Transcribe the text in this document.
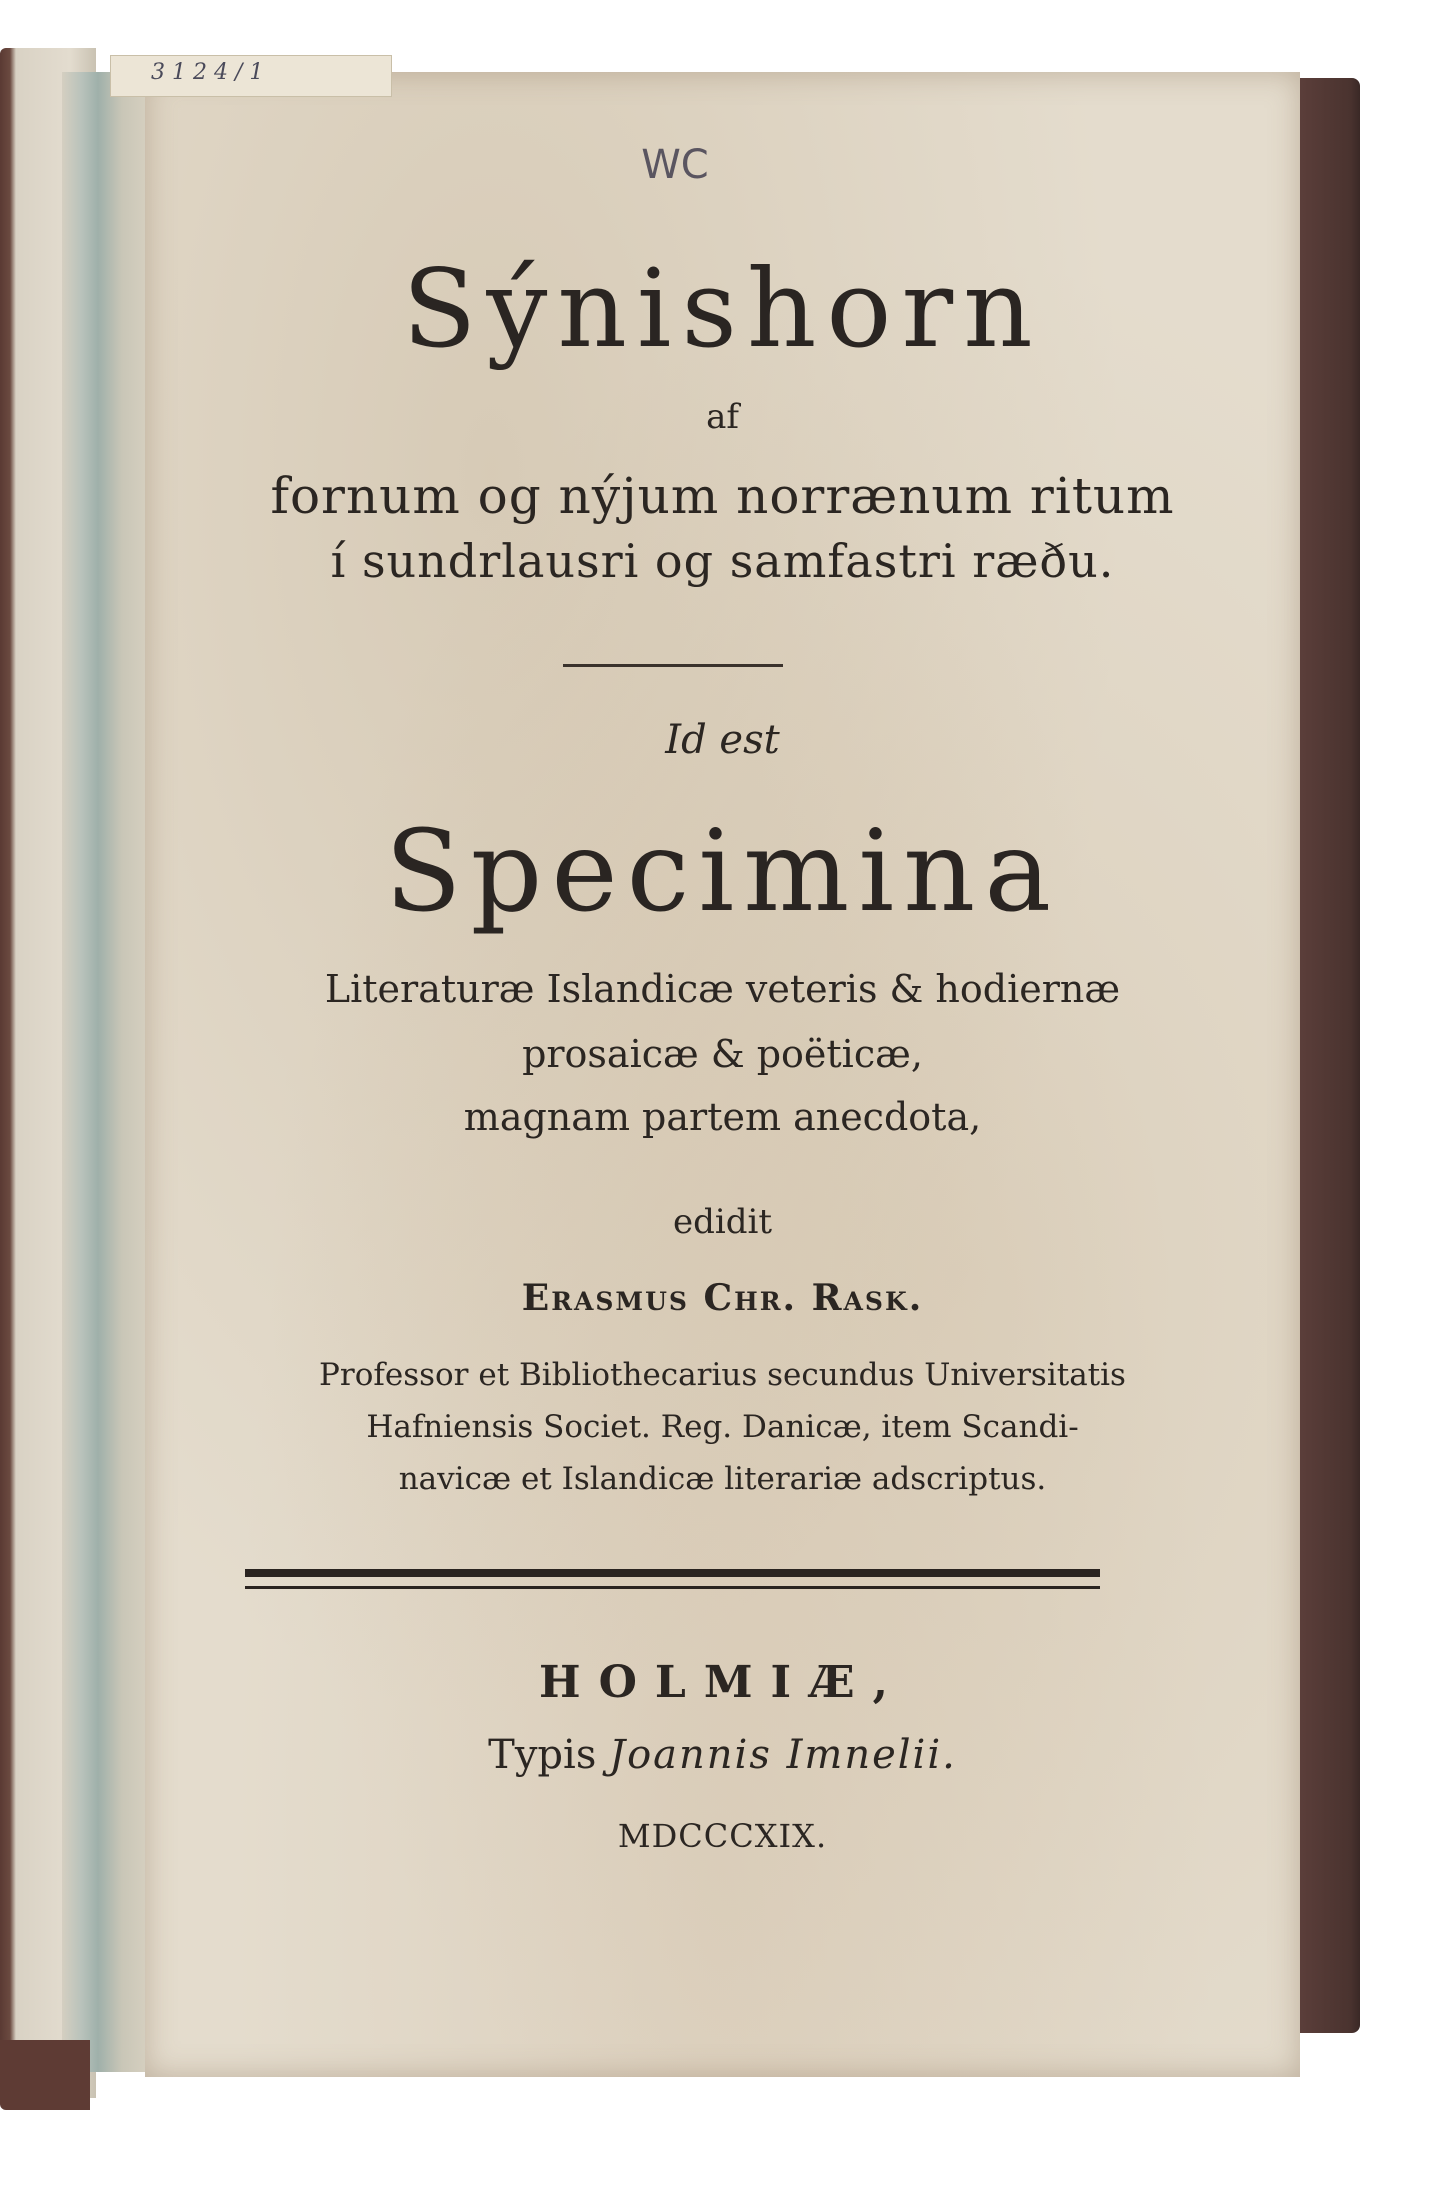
WC
Sýnishorn
af
fornum og nýjum norrænum ritum
í sundrlausri og samfastri ræðu.
Id est
Specimina
Literaturæ Islandicæ veteris & hodiernæ
prosaicæ & poëticæ,
magnam partem anecdota,
edidit
Erasmus Chr. Rask.
Professor et Bibliothecarius secundus Universitatis
Hafniensis Societ. Reg. Danicæ, item Scandi-
navicæ et Islandicæ literariæ adscriptus.
HOLMIÆ,
Typis Joannis Imnelii.
MDCCCXIX.
3 1 2 4 / 1
